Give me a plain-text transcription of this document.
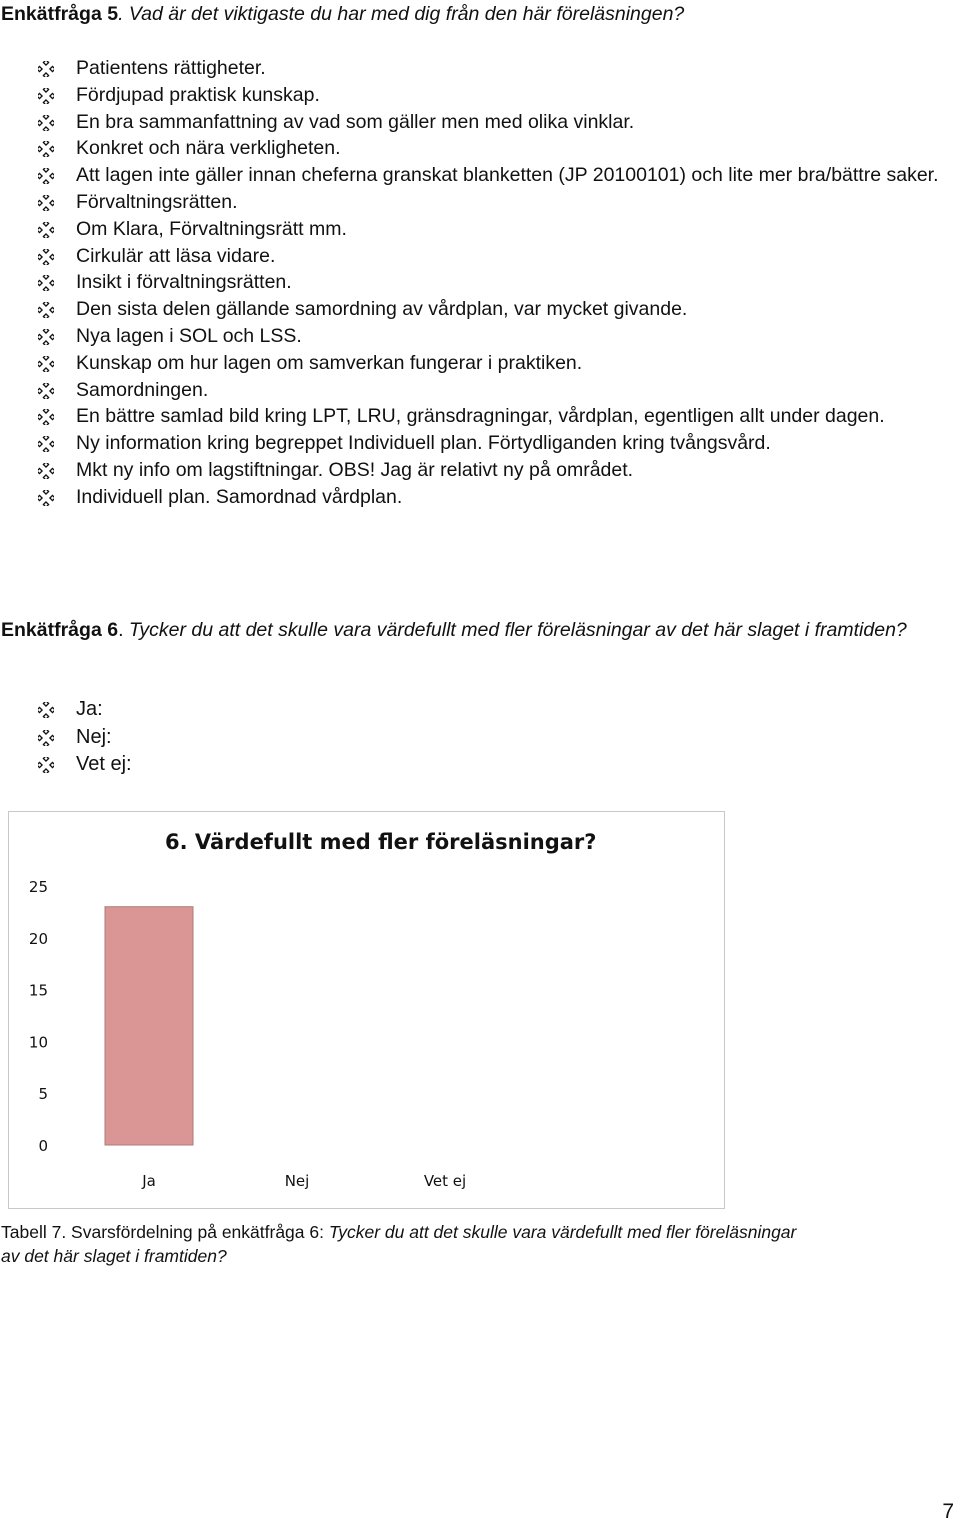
Enkätfråga 5. Vad är det viktigaste du har med dig från den här föreläsningen?

Patientens rättigheter.
Fördjupad praktisk kunskap.
En bra sammanfattning av vad som gäller men med olika vinklar.
Konkret och nära verkligheten.
Att lagen inte gäller innan cheferna granskat blanketten (JP 20100101) och lite mer bra/bättre saker.
Förvaltningsrätten.
Om Klara, Förvaltningsrätt mm.
Cirkulär att läsa vidare.
Insikt i förvaltningsrätten.
Den sista delen gällande samordning av vårdplan, var mycket givande.
Nya lagen i SOL och LSS.
Kunskap om hur lagen om samverkan fungerar i praktiken.
Samordningen.
En bättre samlad bild kring LPT, LRU, gränsdragningar, vårdplan, egentligen allt under dagen.
Ny information kring begreppet Individuell plan. Förtydliganden kring tvångsvård.
Mkt ny info om lagstiftningar. OBS! Jag är relativt ny på området.
Individuell plan. Samordnad vårdplan.

Enkätfråga 6. Tycker du att det skulle vara värdefullt med fler föreläsningar av det här slaget i framtiden?

Ja:
Nej:
Vet ej:
0
5
10
15
20
25
Ja	Nej	Vet ej

6. Värdefullt med fler föreläsningar?

Tabell 7. Svarsfördelning på enkätfråga 6: Tycker du att det skulle vara värdefullt med fler föreläsningar av det här slaget i framtiden?

7
